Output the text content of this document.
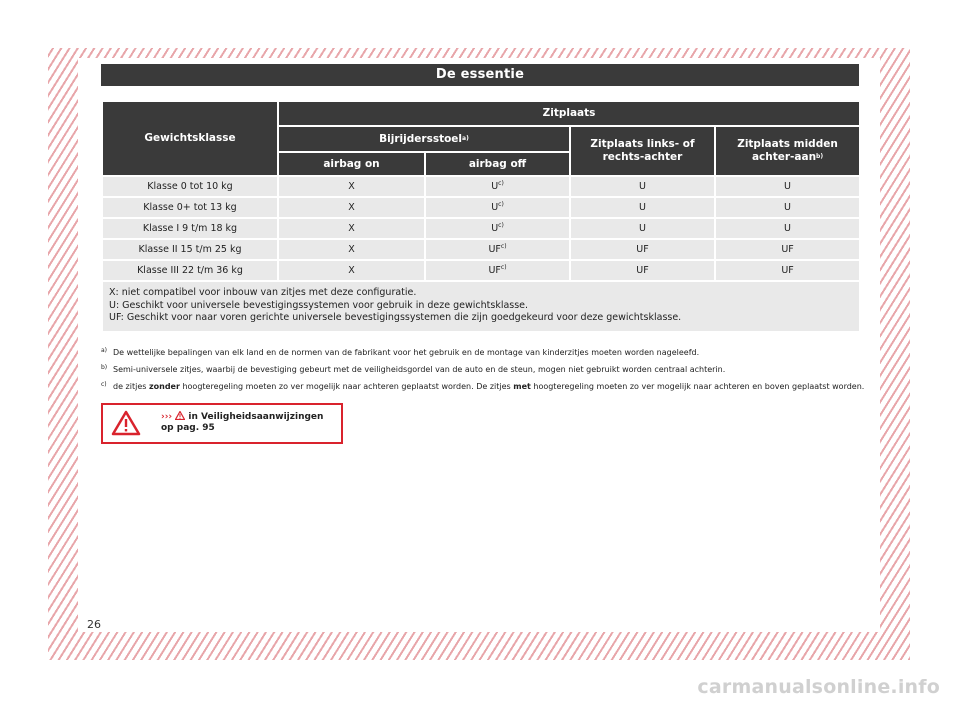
De essentie
Gewichtsklasse	Zitplaats			
	Bijrijdersstoel$^{a)}$		Zitplaats links- of rechts-achter	Zitplaats midden achter-aan$^{b)}$
	airbag on	airbag off		
Klasse 0 tot 10 kg	X	$U^{c)}$	U	U
Klasse 0+ tot 13 kg	X	$U^{c)}$	U	U
Klasse I 9 t/m 18 kg	X	$U^{c)}$	U	U
Klasse II 15 t/m 25 kg	X	UF$^{c)}$	UF	UF
Klasse III 22 t/m 36 kg	X	UF$^{c)}$	UF	UF

X: niet compatibel voor inbouw van zitjes met deze configuratie.
U: Geschikt voor universele bevestigingssystemen voor gebruik in deze gewichtsklasse.
UF: Geschikt voor naar voren gerichte universele bevestigingssystemen die zijn goedgekeurd voor deze gewichtsklasse.				
a) De wettelijke bepalingen van elk land en de normen van de fabrikant voor het gebruik en de montage van kinderzitjes moeten worden nageleefd.
b) Semi-universele zitjes, waarbij de bevestiging gebeurt met de veiligheidsgordel van de auto en de steun, mogen niet gebruikt worden centraal achterin.
c) de zitjes zonder hoogteregeling moeten zo ver mogelijk naar achteren geplaatst worden. De zitjes met hoogteregeling moeten zo ver mogelijk naar achteren en boven geplaatst worden.
›››  in Veiligheidsaanwijzingen op pag. 95
26
carmanualsonline.info
